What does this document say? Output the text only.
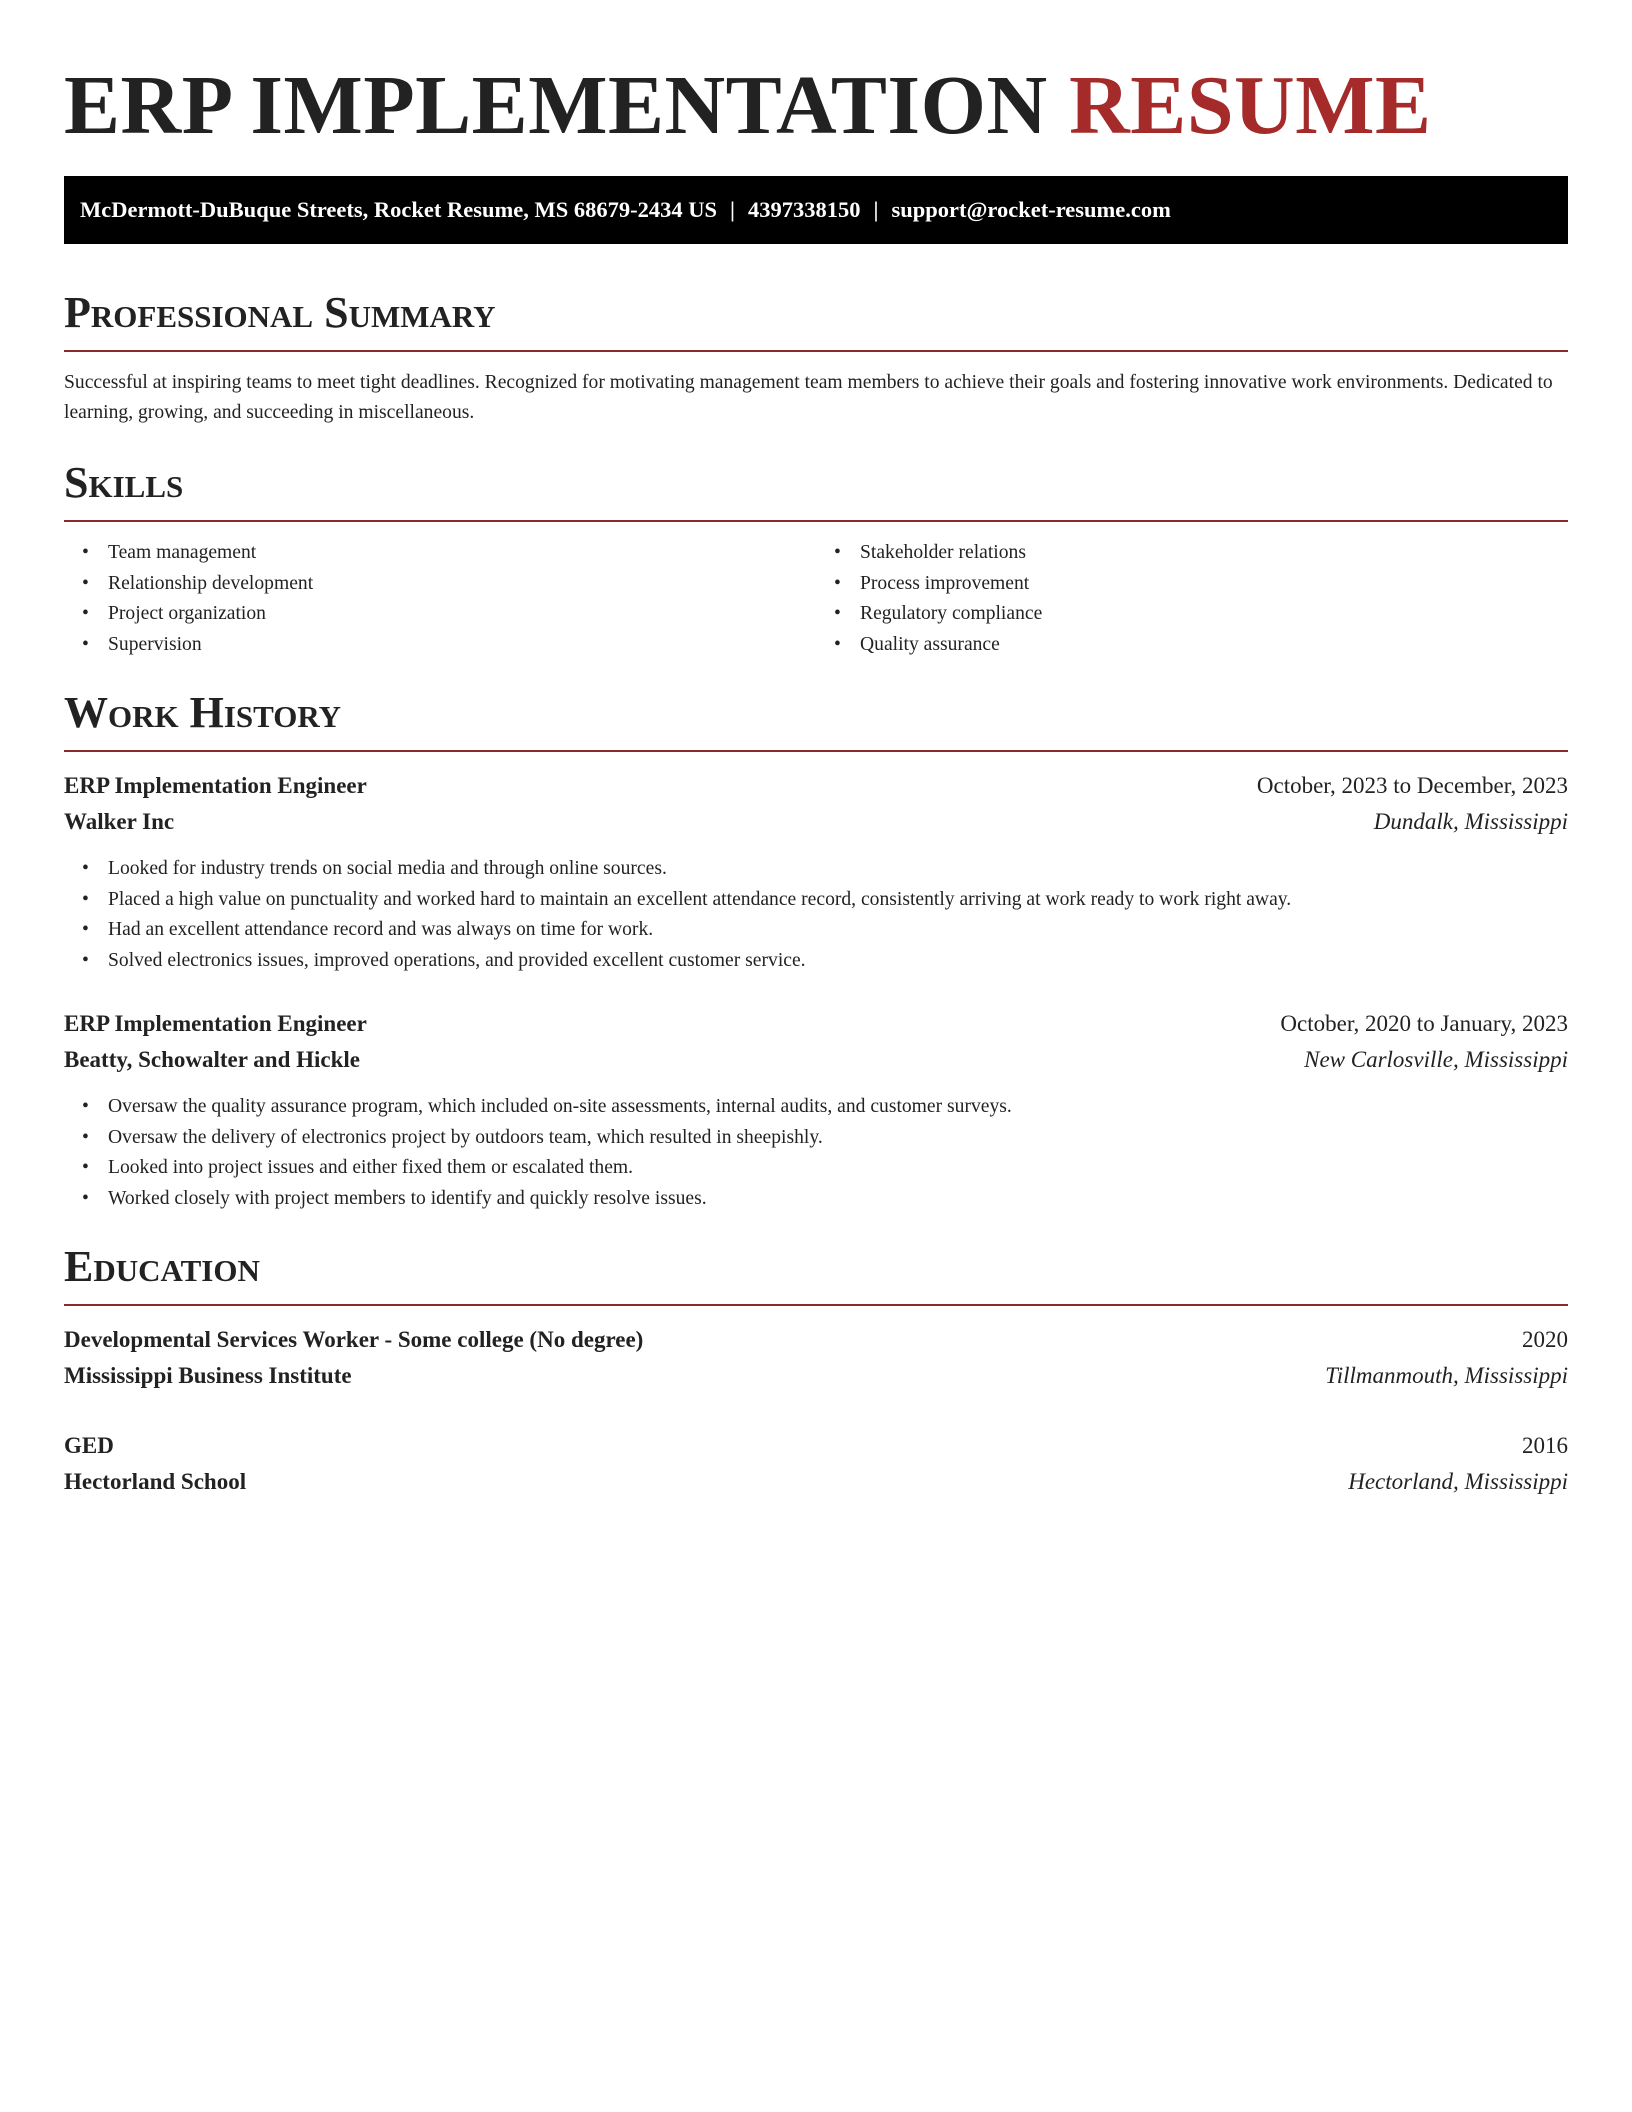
ERP IMPLEMENTATION RESUME
McDermott-DuBuque Streets, Rocket Resume, MS 68679-2434 US | 4397338150 | support@rocket-resume.com
Professional Summary

Successful at inspiring teams to meet tight deadlines. Recognized for motivating management team members to achieve their goals and fostering innovative work environments. Dedicated to learning, growing, and succeeding in miscellaneous.

Skills
• Team management
• Relationship development
• Project organization
• Supervision
• Stakeholder relations
• Process improvement
• Regulatory compliance
• Quality assurance
Work History
ERP Implementation Engineer	October, 2023 to December, 2023
Walker Inc	Dundalk, Mississippi
• Looked for industry trends on social media and through online sources.
• Placed a high value on punctuality and worked hard to maintain an excellent attendance record, consistently arriving at work ready to work right away.
• Had an excellent attendance record and was always on time for work.
• Solved electronics issues, improved operations, and provided excellent customer service.
ERP Implementation Engineer	October, 2020 to January, 2023
Beatty, Schowalter and Hickle	New Carlosville, Mississippi
• Oversaw the quality assurance program, which included on-site assessments, internal audits, and customer surveys.
• Oversaw the delivery of electronics project by outdoors team, which resulted in sheepishly.
• Looked into project issues and either fixed them or escalated them.
• Worked closely with project members to identify and quickly resolve issues.
Education
Developmental Services Worker - Some college (No degree)	2020
Mississippi Business Institute	Tillmanmouth, Mississippi
GED	2016
Hectorland School	Hectorland, Mississippi
